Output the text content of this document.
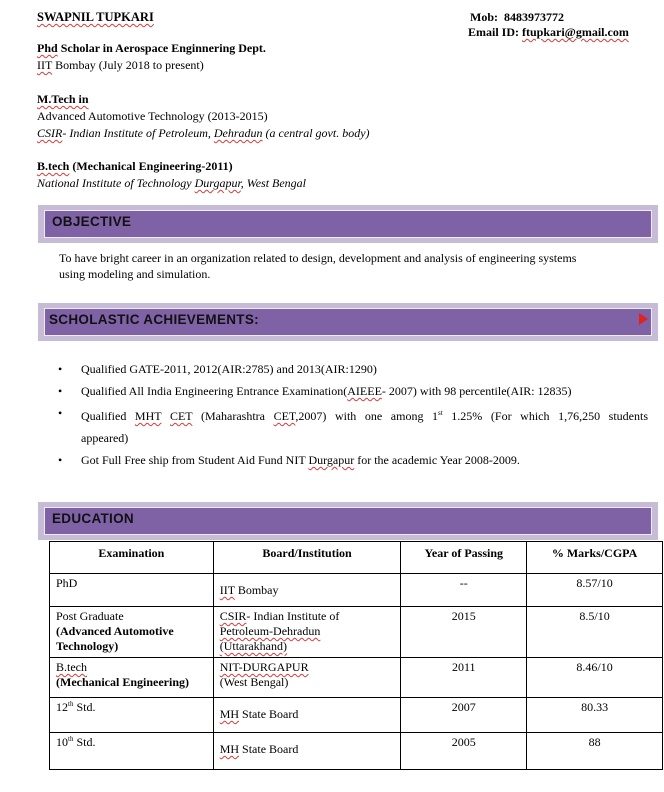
SWAPNIL TUPKARI	Mob: 8483973772
Email ID: ftupkari@gmail.com
Phd Scholar in Aerospace Enginnering Dept.
IIT Bombay (July 2018 to present)
M.Tech in
Advanced Automotive Technology (2013-2015)
CSIR- Indian Institute of Petroleum, Dehradun (a central govt. body)
B.tech (Mechanical Engineering-2011)
National Institute of Technology Durgapur, West Bengal
OBJECTIVE
To have bright career in an organization related to design, development and analysis of engineering systems
using modeling and simulation.
SCHOLASTIC ACHIEVEMENTS:
• Qualified GATE-2011, 2012(AIR:2785) and 2013(AIR:1290)
• Qualified All India Engineering Entrance Examination(AIEEE- 2007) with 98 percentile(AIR: 12835)
• Qualified MHT CET (Maharashtra CET,2007) with one among 1st 1.25% (For which 1,76,250 students appeared)
• Got Full Free ship from Student Aid Fund NIT Durgapur for the academic Year 2008-2009.
EDUCATION
Examination	Board/Institution	Year of Passing	% Marks/CGPA
PhD	IIT Bombay	--	8.57/10
Post Graduate
(Advanced Automotive Technology)	CSIR- Indian Institute of
Petroleum-Dehradun
(Uttarakhand)	2015	8.5/10
B.tech
(Mechanical Engineering)	NIT-DURGAPUR
(West Bengal)	2011	8.46/10
12th Std.	MH State Board	2007	80.33
10th Std.	MH State Board	2005	88
